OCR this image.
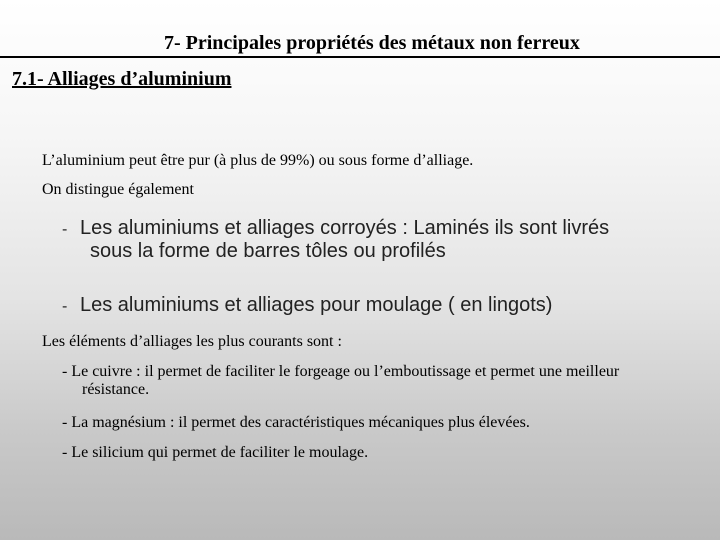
7- Principales propriétés des métaux non ferreux
7.1- Alliages d’aluminium
L’aluminium peut être pur (à plus de 99%) ou sous forme d’alliage.
On distingue également
- Les aluminiums et alliages corroyés : Laminés ils sont livrés
sous la forme de barres tôles ou profilés
- Les aluminiums et alliages pour moulage ( en lingots)
Les éléments d’alliages les plus courants sont :
- Le cuivre : il permet de faciliter le forgeage ou l’emboutissage et permet une meilleur
résistance.
- La magnésium : il permet des caractéristiques mécaniques plus élevées.
- Le silicium qui permet de faciliter le moulage.
